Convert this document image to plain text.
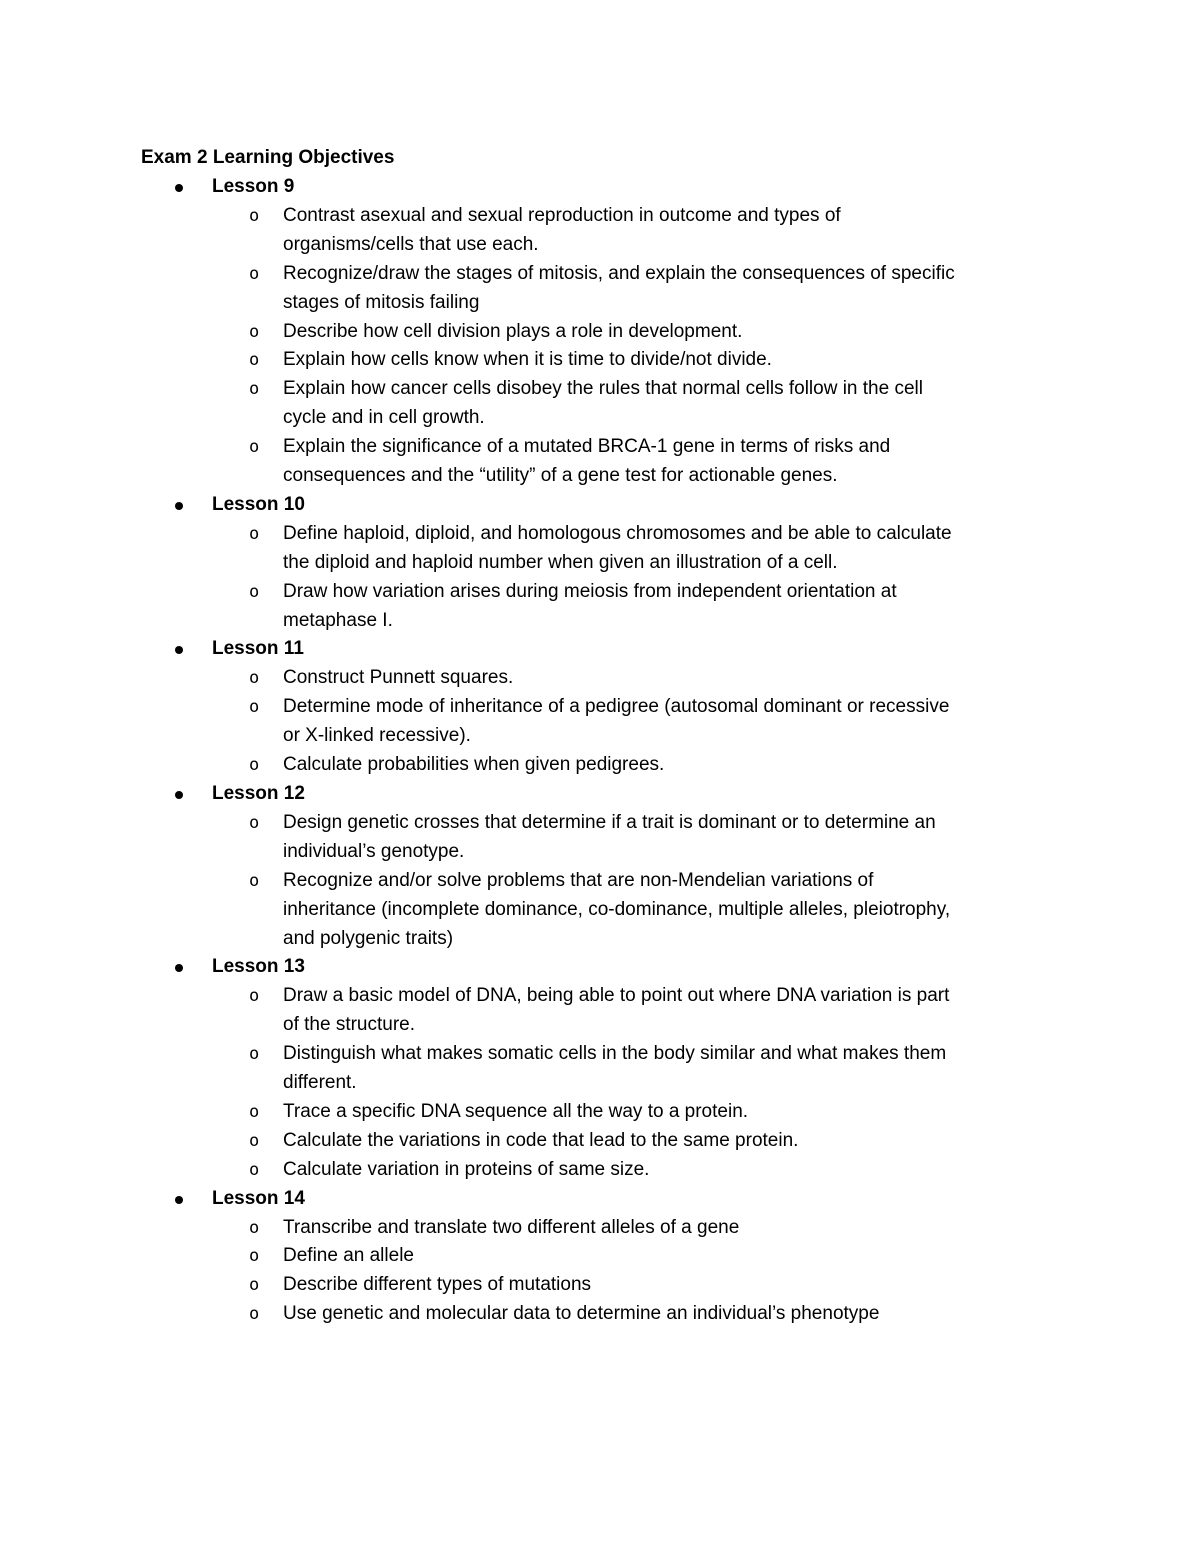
Exam 2 Learning Objectives
Lesson 9
o Contrast asexual and sexual reproduction in outcome and types of
organisms/cells that use each.
o Recognize/draw the stages of mitosis, and explain the consequences of specific
stages of mitosis failing
o Describe how cell division plays a role in development.
o Explain how cells know when it is time to divide/not divide.
o Explain how cancer cells disobey the rules that normal cells follow in the cell
cycle and in cell growth.
o Explain the significance of a mutated BRCA-1 gene in terms of risks and
consequences and the “utility” of a gene test for actionable genes.
Lesson 10
o Define haploid, diploid, and homologous chromosomes and be able to calculate
the diploid and haploid number when given an illustration of a cell.
o Draw how variation arises during meiosis from independent orientation at
metaphase I.
Lesson 11
o Construct Punnett squares.
o Determine mode of inheritance of a pedigree (autosomal dominant or recessive
or X-linked recessive).
o Calculate probabilities when given pedigrees.
Lesson 12
o Design genetic crosses that determine if a trait is dominant or to determine an
individual’s genotype.
o Recognize and/or solve problems that are non-Mendelian variations of
inheritance (incomplete dominance, co-dominance, multiple alleles, pleiotrophy,
and polygenic traits)
Lesson 13
o Draw a basic model of DNA, being able to point out where DNA variation is part
of the structure.
o Distinguish what makes somatic cells in the body similar and what makes them
different.
o Trace a specific DNA sequence all the way to a protein.
o Calculate the variations in code that lead to the same protein.
o Calculate variation in proteins of same size.
Lesson 14
o Transcribe and translate two different alleles of a gene
o Define an allele
o Describe different types of mutations
o Use genetic and molecular data to determine an individual’s phenotype
